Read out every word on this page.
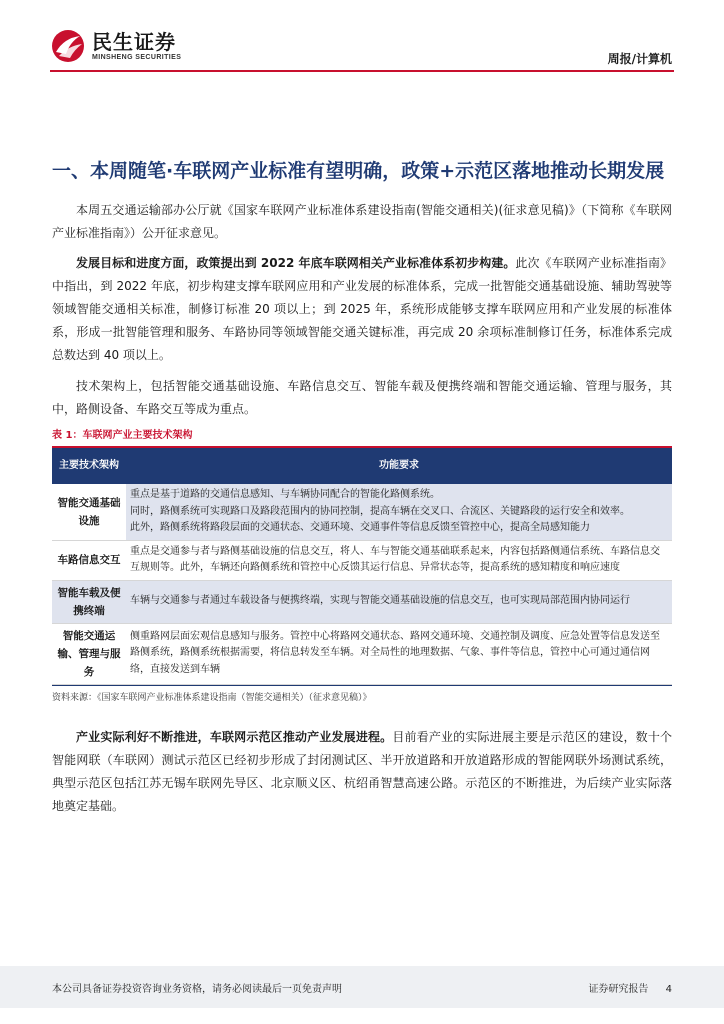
民生证券
MINSHENG SECURITIES	周报/计算机
一、本周随笔·车联网产业标准有望明确，政策+示范区落地推动长期发展

本周五交通运输部办公厅就《国家车联网产业标准体系建设指南(智能交通相关)(征求意见稿)》（下简称《车联网产业标准指南》）公开征求意见。

发展目标和进度方面，政策提出到 2022 年底车联网相关产业标准体系初步构建。此次《车联网产业标准指南》中指出，到 2022 年底，初步构建支撑车联网应用和产业发展的标准体系，完成一批智能交通基础设施、辅助驾驶等领域智能交通相关标准，制修订标准 20 项以上；到 2025 年，系统形成能够支撑车联网应用和产业发展的标准体系，形成一批智能管理和服务、车路协同等领域智能交通关键标准，再完成 20 余项标准制修订任务，标准体系完成总数达到 40 项以上。

技术架构上，包括智能交通基础设施、车路信息交互、智能车载及便携终端和智能交通运输、管理与服务，其中，路侧设备、车路交互等成为重点。

表 1：车联网产业主要技术架构
主要技术架构	功能要求
智能交通基础设施	重点是基于道路的交通信息感知、与车辆协同配合的智能化路侧系统。
同时，路侧系统可实现路口及路段范围内的协同控制，提高车辆在交叉口、合流区、关键路段的运行安全和效率。
此外，路侧系统将路段层面的交通状态、交通环境、交通事件等信息反馈至管控中心，提高全局感知能力

车路信息交互	重点是交通参与者与路侧基础设施的信息交互，将人、车与智能交通基础联系起来，内容包括路侧通信系统、车路信息交互规则等。此外，车辆还向路侧系统和管控中心反馈其运行信息、异常状态等，提高系统的感知精度和响应速度

智能车载及便携终端	车辆与交通参与者通过车载设备与便携终端，实现与智能交通基础设施的信息交互，也可实现局部范围内协同运行

智能交通运输、管理与服务	侧重路网层面宏观信息感知与服务。管控中心将路网交通状态、路网交通环境、交通控制及调度、应急处置等信息发送至路侧系统，路侧系统根据需要，将信息转发至车辆。对全局性的地理数据、气象、事件等信息，管控中心可通过通信网络，直接发送到车辆
资料来源：《国家车联网产业标准体系建设指南（智能交通相关）（征求意见稿）》

产业实际利好不断推进，车联网示范区推动产业发展进程。目前看产业的实际进展主要是示范区的建设，数十个智能网联（车联网）测试示范区已经初步形成了封闭测试区、半开放道路和开放道路形成的智能网联外场测试系统，典型示范区包括江苏无锡车联网先导区、北京顺义区、杭绍甬智慧高速公路。示范区的不断推进，为后续产业实际落地奠定基础。

本公司具备证券投资咨询业务资格，请务必阅读最后一页免责声明	证券研究报告 4
